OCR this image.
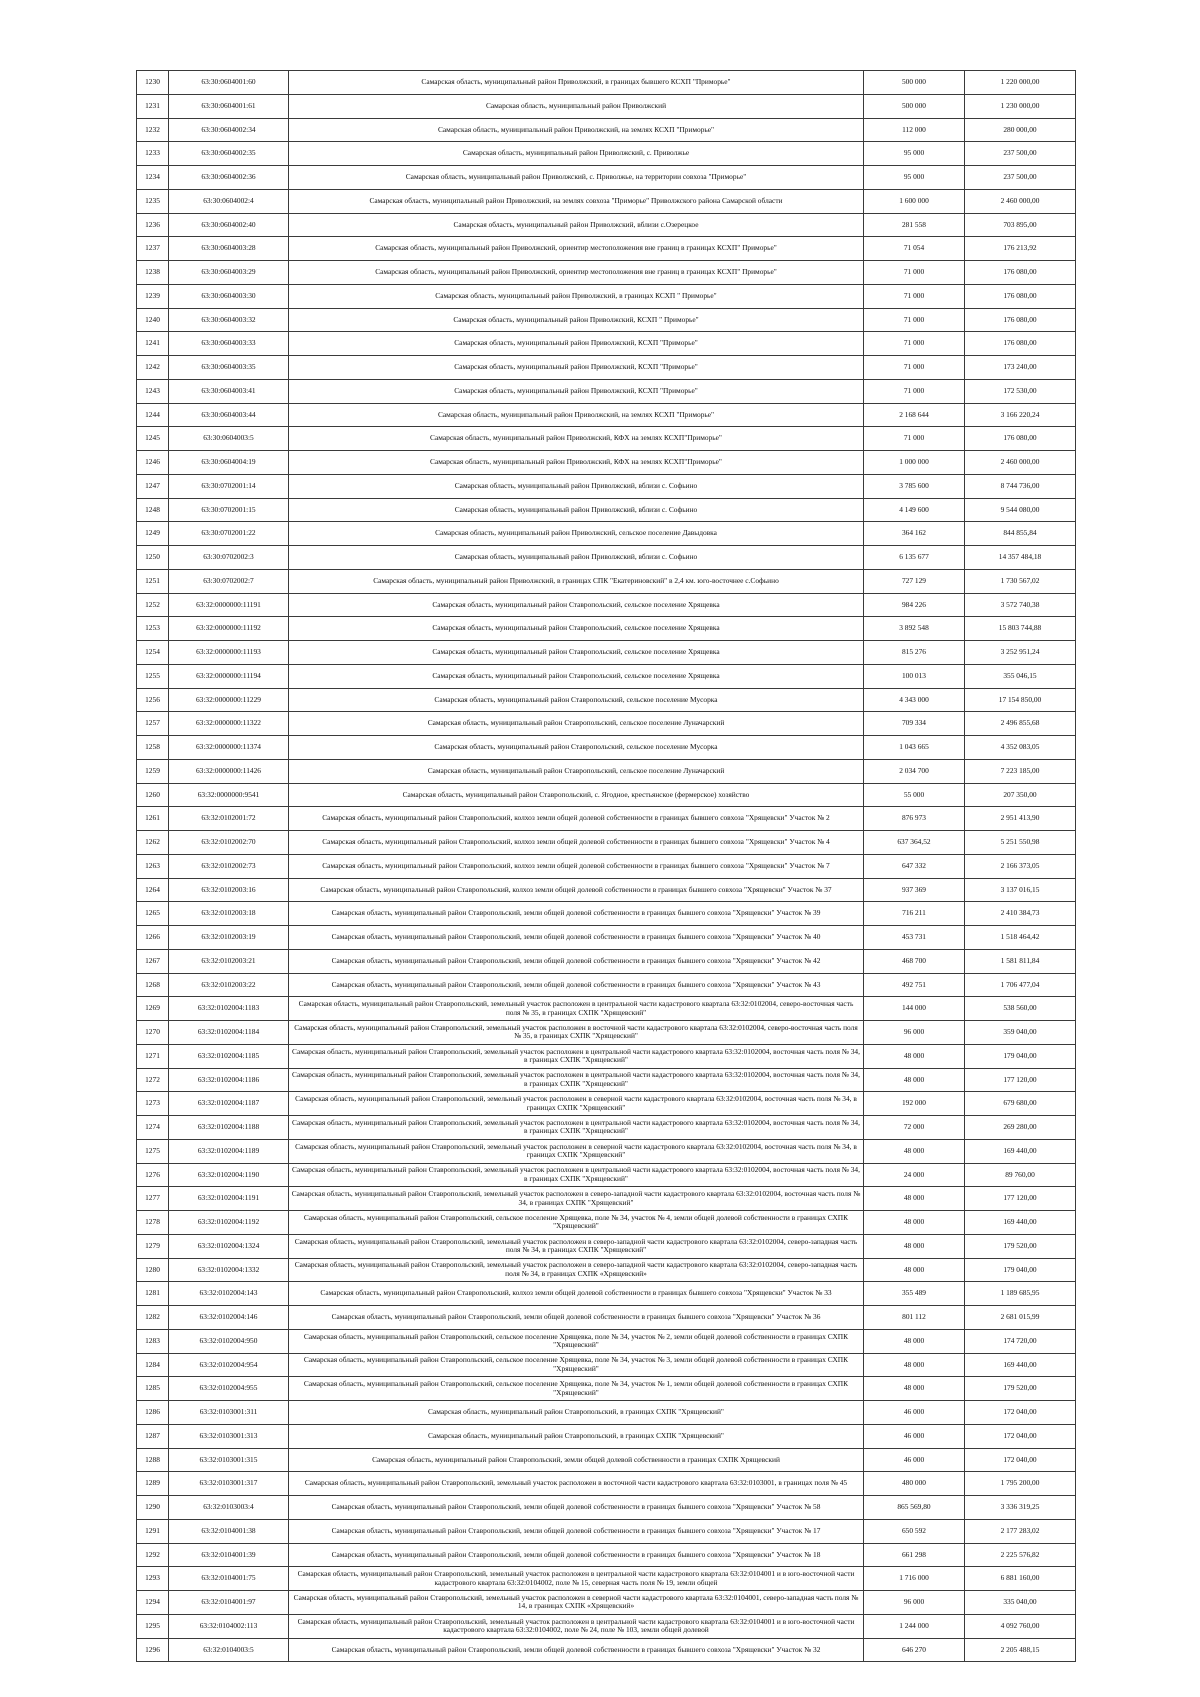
1230	63:30:0604001:60	Самарская область, муниципальный район Приволжский, в границах бывшего КСХП "Приморье"	500 000	1 220 000,00
1231	63:30:0604001:61	Самарская область, муниципальный район Приволжский	500 000	1 230 000,00
1232	63:30:0604002:34	Самарская область, муниципальный район Приволжский, на землях КСХП "Приморье"	112 000	280 000,00
1233	63:30:0604002:35	Самарская область, муниципальный район Приволжский, с. Приволжье	95 000	237 500,00
1234	63:30:0604002:36	Самарская область, муниципальный район Приволжский, с. Приволжье, на территории совхоза "Приморье"	95 000	237 500,00
1235	63:30:0604002:4	Самарская область, муниципальный район Приволжский, на землях совхоза "Приморье" Приволжского района Самарской области	1 600 000	2 460 000,00
1236	63:30:0604002:40	Самарская область, муниципальный район Приволжский, вблизи с.Озерецкое	281 558	703 895,00
1237	63:30:0604003:28	Самарская область, муниципальный район Приволжский, ориентир местоположения вне границ в границах КСХП" Приморье"	71 054	176 213,92
1238	63:30:0604003:29	Самарская область, муниципальный район Приволжский, ориентир местоположения вне границ в границах КСХП" Приморье"	71 000	176 080,00
1239	63:30:0604003:30	Самарская область, муниципальный район Приволжский, в границах КСХП " Приморье"	71 000	176 080,00
1240	63:30:0604003:32	Самарская область, муниципальный район Приволжский, КСХП " Приморье"	71 000	176 080,00
1241	63:30:0604003:33	Самарская область, муниципальный район Приволжский, КСХП "Приморье"	71 000	176 080,00
1242	63:30:0604003:35	Самарская область, муниципальный район Приволжский, КСХП "Приморье"	71 000	173 240,00
1243	63:30:0604003:41	Самарская область, муниципальный район Приволжский, КСХП "Приморье"	71 000	172 530,00
1244	63:30:0604003:44	Самарская область, муниципальный район Приволжский, на землях КСХП "Приморье"	2 168 644	3 166 220,24
1245	63:30:0604003:5	Самарская область, муниципальный район Приволжский, КФХ на землях КСХП"Приморье"	71 000	176 080,00
1246	63:30:0604004:19	Самарская область, муниципальный район Приволжский, КФХ на землях КСХП"Приморье"	1 000 000	2 460 000,00
1247	63:30:0702001:14	Самарская область, муниципальный район Приволжский, вблизи с. Софьино	3 785 600	8 744 736,00
1248	63:30:0702001:15	Самарская область, муниципальный район Приволжский, вблизи с. Софьино	4 149 600	9 544 080,00
1249	63:30:0702001:22	Самарская область, муниципальный район Приволжский, сельское поселение Давыдовка	364 162	844 855,84
1250	63:30:0702002:3	Самарская область, муниципальный район Приволжский, вблизи с. Софьино	6 135 677	14 357 484,18
1251	63:30:0702002:7	Самарская область, муниципальный район Приволжский, в границах СПК "Екатериновский" в 2,4 км. юго-восточнее с.Софьино	727 129	1 730 567,02
1252	63:32:0000000:11191	Самарская область, муниципальный район Ставропольский, сельское поселение Хрящевка	984 226	3 572 740,38
1253	63:32:0000000:11192	Самарская область, муниципальный район Ставропольский, сельское поселение Хрящевка	3 892 548	15 803 744,88
1254	63:32:0000000:11193	Самарская область, муниципальный район Ставропольский, сельское поселение Хрящевка	815 276	3 252 951,24
1255	63:32:0000000:11194	Самарская область, муниципальный район Ставропольский, сельское поселение Хрящевка	100 013	355 046,15
1256	63:32:0000000:11229	Самарская область, муниципальный район Ставропольский, сельское поселение Мусорка	4 343 000	17 154 850,00
1257	63:32:0000000:11322	Самарская область, муниципальный район Ставропольский, сельское поселение Луначарский	709 334	2 496 855,68
1258	63:32:0000000:11374	Самарская область, муниципальный район Ставропольский, сельское поселение Мусорка	1 043 665	4 352 083,05
1259	63:32:0000000:11426	Самарская область, муниципальный район Ставропольский, сельское поселение Луначарский	2 034 700	7 223 185,00
1260	63:32:0000000:9541	Самарская область, муниципальный район Ставропольский, с. Ягодное, крестьянское (фермерское) хозяйство	55 000	207 350,00
1261	63:32:0102001:72	Самарская область, муниципальный район Ставропольский, колхоз земли общей долевой собственности в границах бывшего совхоза "Хрящевски" Участок № 2	876 973	2 951 413,90
1262	63:32:0102002:70	Самарская область, муниципальный район Ставропольский, колхоз земли общей долевой собственности в границах бывшего совхоза "Хрящевски" Участок № 4	637 364,52	5 251 550,98
1263	63:32:0102002:73	Самарская область, муниципальный район Ставропольский, колхоз земли общей долевой собственности в границах бывшего совхоза "Хрящевски" Участок № 7	647 332	2 166 373,05
1264	63:32:0102003:16	Самарская область, муниципальный район Ставропольский, колхоз земли общей долевой собственности в границах бывшего совхоза "Хрящевски" Участок № 37	937 369	3 137 016,15
1265	63:32:0102003:18	Самарская область, муниципальный район Ставропольский, земли общей долевой собственности в границах бывшего совхоза "Хрящевски" Участок № 39	716 211	2 410 384,73
1266	63:32:0102003:19	Самарская область, муниципальный район Ставропольский, земли общей долевой собственности в границах бывшего совхоза "Хрящевски" Участок № 40	453 731	1 518 464,42
1267	63:32:0102003:21	Самарская область, муниципальный район Ставропольский, земли общей долевой собственности в границах бывшего совхоза "Хрящевски" Участок № 42	468 700	1 581 811,84
1268	63:32:0102003:22	Самарская область, муниципальный район Ставропольский, земли общей долевой собственности в границах бывшего совхоза "Хрящевски" Участок № 43	492 751	1 706 477,04
1269	63:32:0102004:1183	Самарская область, муниципальный район Ставропольский, земельный участок расположен в центральной части кадастрового квартала 63:32:0102004, северо-восточная часть поля № 35, в границах СХПК "Хрящевский"	144 000	538 560,00
1270	63:32:0102004:1184	Самарская область, муниципальный район Ставропольский, земельный участок расположен в восточной части кадастрового квартала 63:32:0102004, северо-восточная часть поля № 35, в границах СХПК "Хрящевский"	96 000	359 040,00
1271	63:32:0102004:1185	Самарская область, муниципальный район Ставропольский, земельный участок расположен в центральной части кадастрового квартала 63:32:0102004, восточная часть поля № 34, в границах СХПК "Хрящевский"	48 000	179 040,00
1272	63:32:0102004:1186	Самарская область, муниципальный район Ставропольский, земельный участок расположен в центральной части кадастрового квартала 63:32:0102004, восточная часть поля № 34, в границах СХПК "Хрящевский"	48 000	177 120,00
1273	63:32:0102004:1187	Самарская область, муниципальный район Ставропольский, земельный участок расположен в северной части кадастрового квартала 63:32:0102004, восточная часть поля № 34, в границах СХПК "Хрящевский"	192 000	679 680,00
1274	63:32:0102004:1188	Самарская область, муниципальный район Ставропольский, земельный участок расположен в центральной части кадастрового квартала 63:32:0102004, восточная часть поля № 34, в границах СХПК "Хрящевский"	72 000	269 280,00
1275	63:32:0102004:1189	Самарская область, муниципальный район Ставропольский, земельный участок расположен в северной части кадастрового квартала 63:32:0102004, восточная часть поля № 34, в границах СХПК "Хрящевский"	48 000	169 440,00
1276	63:32:0102004:1190	Самарская область, муниципальный район Ставропольский, земельный участок расположен в центральной части кадастрового квартала 63:32:0102004, восточная часть поля № 34, в границах СХПК "Хрящевский"	24 000	89 760,00
1277	63:32:0102004:1191	Самарская область, муниципальный район Ставропольский, земельный участок расположен в северо-западной части кадастрового квартала 63:32:0102004, восточная часть поля № 34, в границах СХПК "Хрящевский"	48 000	177 120,00
1278	63:32:0102004:1192	Самарская область, муниципальный район Ставропольский, сельское поселение Хрящевка, поле № 34, участок № 4, земли общей долевой собственности в границах СХПК "Хрящевский"	48 000	169 440,00
1279	63:32:0102004:1324	Самарская область, муниципальный район Ставропольский, земельный участок расположен в северо-западной части кадастрового квартала 63:32:0102004, северо-западная часть поля № 34, в границах СХПК "Хрящевский"	48 000	179 520,00
1280	63:32:0102004:1332	Самарская область, муниципальный район Ставропольский, земельный участок расположен в северо-западной части кадастрового квартала 63:32:0102004, северо-западная часть поля № 34, в границах СХПК «Хрящевский»	48 000	179 040,00
1281	63:32:0102004:143	Самарская область, муниципальный район Ставропольский, колхоз земли общей долевой собственности в границах бывшего совхоза "Хрящевски" Участок № 33	355 489	1 189 685,95
1282	63:32:0102004:146	Самарская область, муниципальный район Ставропольский, земли общей долевой собственности в границах бывшего совхоза "Хрящевски" Участок № 36	801 112	2 681 015,99
1283	63:32:0102004:950	Самарская область, муниципальный район Ставропольский, сельское поселение Хрящевка, поле № 34, участок № 2, земли общей долевой собственности в границах СХПК "Хрящевский"	48 000	174 720,00
1284	63:32:0102004:954	Самарская область, муниципальный район Ставропольский, сельское поселение Хрящевка, поле № 34, участок № 3, земли общей долевой собственности в границах СХПК "Хрящевский"	48 000	169 440,00
1285	63:32:0102004:955	Самарская область, муниципальный район Ставропольский, сельское поселение Хрящевка, поле № 34, участок № 1, земли общей долевой собственности в границах СХПК "Хрящевский"	48 000	179 520,00
1286	63:32:0103001:311	Самарская область, муниципальный район Ставропольский, в границах СХПК "Хрящевский"	46 000	172 040,00
1287	63:32:0103001:313	Самарская область, муниципальный район Ставропольский, в границах СХПК "Хрящевский"	46 000	172 040,00
1288	63:32:0103001:315	Самарская область, муниципальный район Ставропольский, земли общей долевой собственности в границах СХПК Хрящевский	46 000	172 040,00
1289	63:32:0103001:317	Самарская область, муниципальный район Ставропольский, земельный участок расположен в восточной части кадастрового квартала 63:32:0103001, в границах поля № 45	480 000	1 795 200,00
1290	63:32:0103003:4	Самарская область, муниципальный район Ставропольский, земли общей долевой собственности в границах бывшего совхоза "Хрящевски" Участок № 58	865 569,80	3 336 319,25
1291	63:32:0104001:38	Самарская область, муниципальный район Ставропольский, земли общей долевой собственности в границах бывшего совхоза "Хрящевски" Участок № 17	650 592	2 177 283,02
1292	63:32:0104001:39	Самарская область, муниципальный район Ставропольский, земли общей долевой собственности в границах бывшего совхоза "Хрящевски" Участок № 18	661 298	2 225 576,82
1293	63:32:0104001:75	Самарская область, муниципальный район Ставропольский, земельный участок расположен в центральной части кадастрового квартала 63:32:0104001 и в юго-восточной части кадастрового квартала 63:32:0104002, поле № 15, северная часть поля № 19, земли общей	1 716 000	6 881 160,00
1294	63:32:0104001:97	Самарская область, муниципальный район Ставропольский, земельный участок расположен в северной части кадастрового квартала 63:32:0104001, северо-западная часть поля № 14, в границах СХПК «Хрящевский»	96 000	335 040,00
1295	63:32:0104002:113	Самарская область, муниципальный район Ставропольский, земельный участок расположен в центральной части кадастрового квартала 63:32:0104001 и в юго-восточной части кадастрового квартала 63:32:0104002, поле № 24, поле № 103, земли общей долевой	1 244 000	4 092 760,00
1296	63:32:0104003:5	Самарская область, муниципальный район Ставропольский, земли общей долевой собственности в границах бывшего совхоза "Хрящевски" Участок № 32	646 270	2 205 488,15
